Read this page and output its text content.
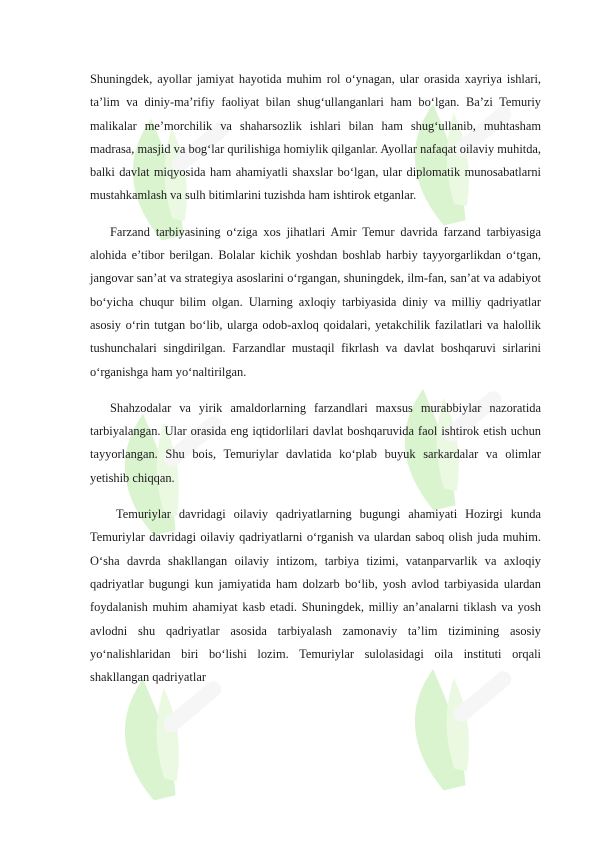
Shuningdek, ayollar jamiyat hayotida muhim rol o‘ynagan, ular orasida xayriya ishlari, ta’lim va diniy-ma’rifiy faoliyat bilan shug‘ullanganlari ham bo‘lgan. Ba’zi Temuriy malikalar me’morchilik va shaharsozlik ishlari bilan ham shug‘ullanib, muhtasham madrasa, masjid va bog‘lar qurilishiga homiylik qilganlar. Ayollar nafaqat oilaviy muhitda, balki davlat miqyosida ham ahamiyatli shaxslar bo‘lgan, ular diplomatik munosabatlarni mustahkamlash va sulh bitimlarini tuzishda ham ishtirok etganlar.

Farzand tarbiyasining o‘ziga xos jihatlari Amir Temur davrida farzand tarbiyasiga alohida e’tibor berilgan. Bolalar kichik yoshdan boshlab harbiy tayyorgarlikdan o‘tgan, jangovar san’at va strategiya asoslarini o‘rgangan, shuningdek, ilm-fan, san’at va adabiyot bo‘yicha chuqur bilim olgan. Ularning axloqiy tarbiyasida diniy va milliy qadriyatlar asosiy o‘rin tutgan bo‘lib, ularga odob-axloq qoidalari, yetakchilik fazilatlari va halollik tushunchalari singdirilgan. Farzandlar mustaqil fikrlash va davlat boshqaruvi sirlarini o‘rganishga ham yo‘naltirilgan.

Shahzodalar va yirik amaldorlarning farzandlari maxsus murabbiylar nazoratida tarbiyalangan. Ular orasida eng iqtidorlilari davlat boshqaruvida faol ishtirok etish uchun tayyorlangan. Shu bois, Temuriylar davlatida ko‘plab buyuk sarkardalar va olimlar yetishib chiqqan.

Temuriylar davridagi oilaviy qadriyatlarning bugungi ahamiyati Hozirgi kunda Temuriylar davridagi oilaviy qadriyatlarni o‘rganish va ulardan saboq olish juda muhim. O‘sha davrda shakllangan oilaviy intizom, tarbiya tizimi, vatanparvarlik va axloqiy qadriyatlar bugungi kun jamiyatida ham dolzarb bo‘lib, yosh avlod tarbiyasida ulardan foydalanish muhim ahamiyat kasb etadi. Shuningdek, milliy an’analarni tiklash va yosh avlodni shu qadriyatlar asosida tarbiyalash zamonaviy ta’lim tizimining asosiy yo‘nalishlaridan biri bo‘lishi lozim. Temuriylar sulolasidagi oila instituti orqali shakllangan qadriyatlar
